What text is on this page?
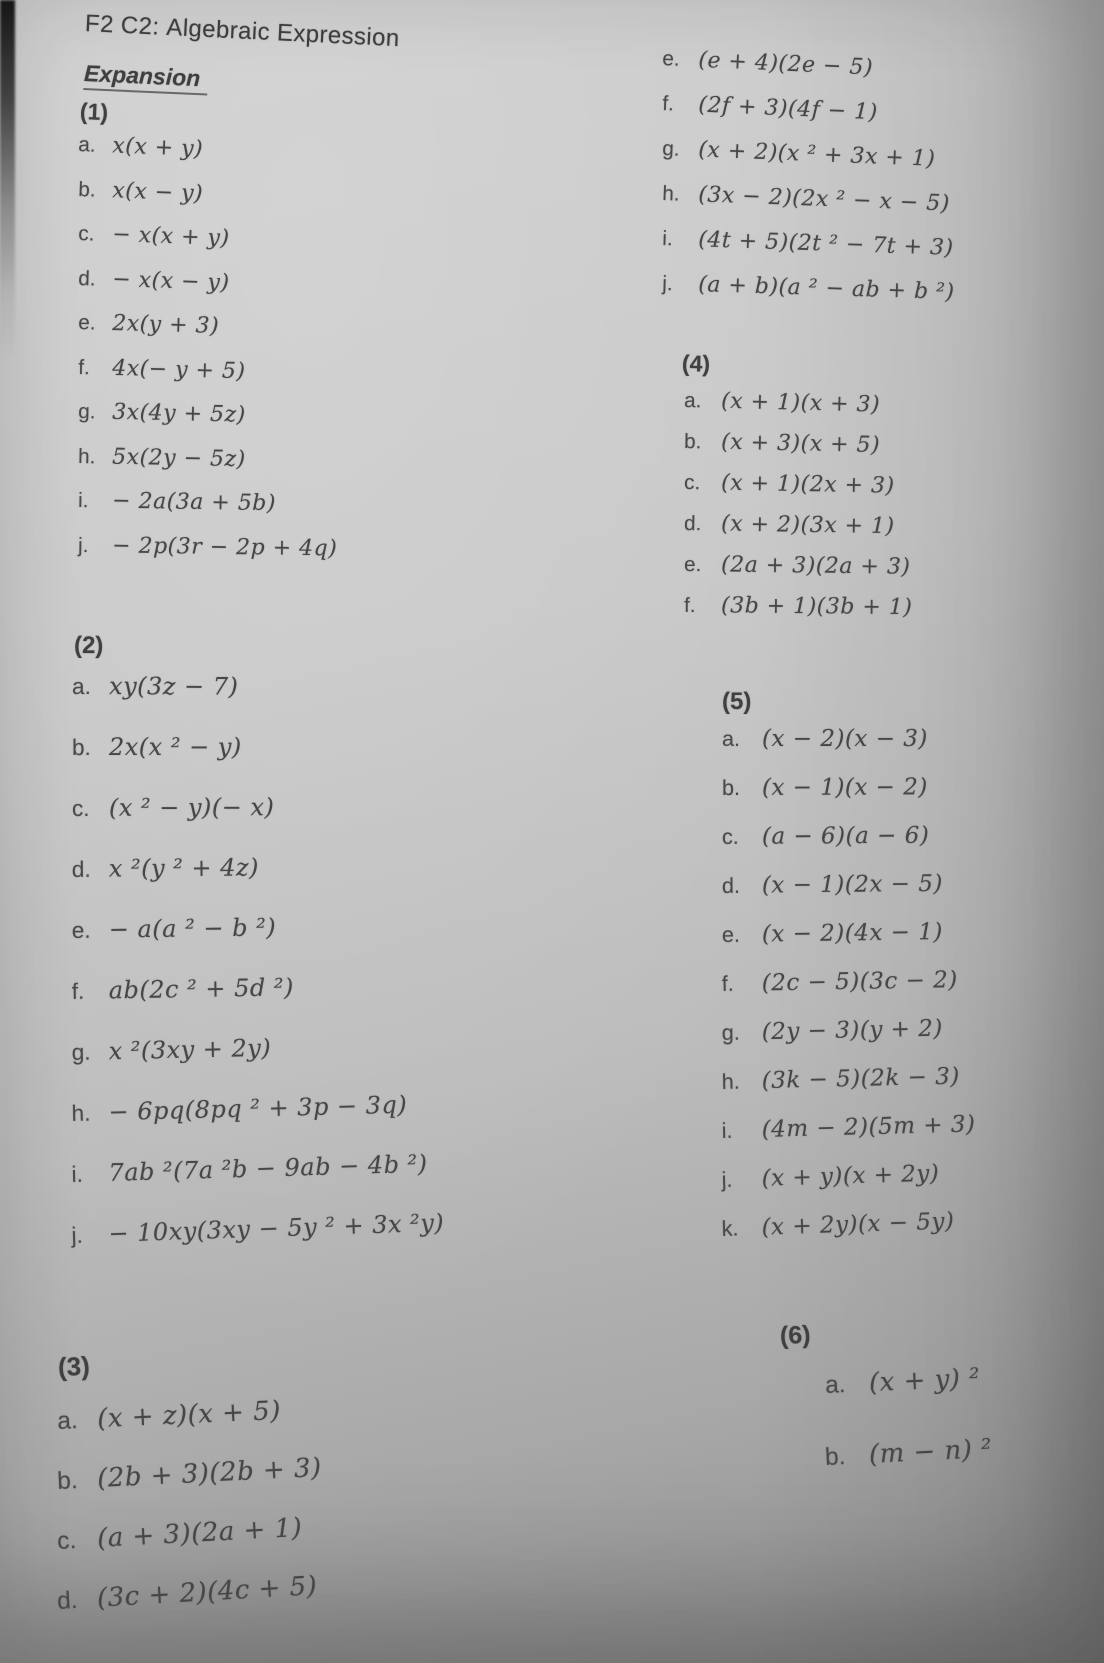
F2 C2: Algebraic Expression
Expansion
(1)
a. x(x + y)
b. x(x − y)
c. − x(x + y)
d. − x(x − y)
e. 2x(y + 3)
f. 4x(− y + 5)
g. 3x(4y + 5z)
h. 5x(2y − 5z)
i.	− 2a(3a + 5b)
j.	− 2p(3r − 2p + 4q)
(2)
a. xy(3z − 7)
b. 2x(x ² − y)
c. (x ² − y)(− x)
d. x ²(y ² + 4z)
e. − a(a ² − b ²)
f.	ab(2c ² + 5d ²)
g. x ²(3xy + 2y)
h. − 6pq(8pq ² + 3p − 3q)
i.	7ab ²(7a ²b − 9ab − 4b ²)
j.	− 10xy(3xy − 5y ² + 3x ²y)
(3)
a. (x + z)(x + 5)
b. (2b + 3)(2b + 3)
c. (a + 3)(2a + 1)
d. (3c + 2)(4c + 5)
e. (e + 4)(2e − 5)
f.	(2f + 3)(4f − 1)
g. (x + 2)(x ² + 3x + 1)
h. (3x − 2)(2x ² − x − 5)
i.	(4t + 5)(2t ² − 7t + 3)
j.	(a + b)(a ² − ab + b ²)
(4)
a. (x + 1)(x + 3)
b. (x + 3)(x + 5)
c. (x + 1)(2x + 3)
d. (x + 2)(3x + 1)
e. (2a + 3)(2a + 3)
f.	(3b + 1)(3b + 1)
(5)
a. (x − 2)(x − 3)
b. (x − 1)(x − 2)
c.	(a − 6)(a − 6)
d. (x − 1)(2x − 5)
e. (x − 2)(4x − 1)
f.	(2c − 5)(3c − 2)
g. (2y − 3)(y + 2)
h. (3k − 5)(2k − 3)
i.	(4m − 2)(5m + 3)
j.	(x + y)(x + 2y)
k. (x + 2y)(x − 5y)
(6)
a. (x + y) ²
b. (m − n) ²
